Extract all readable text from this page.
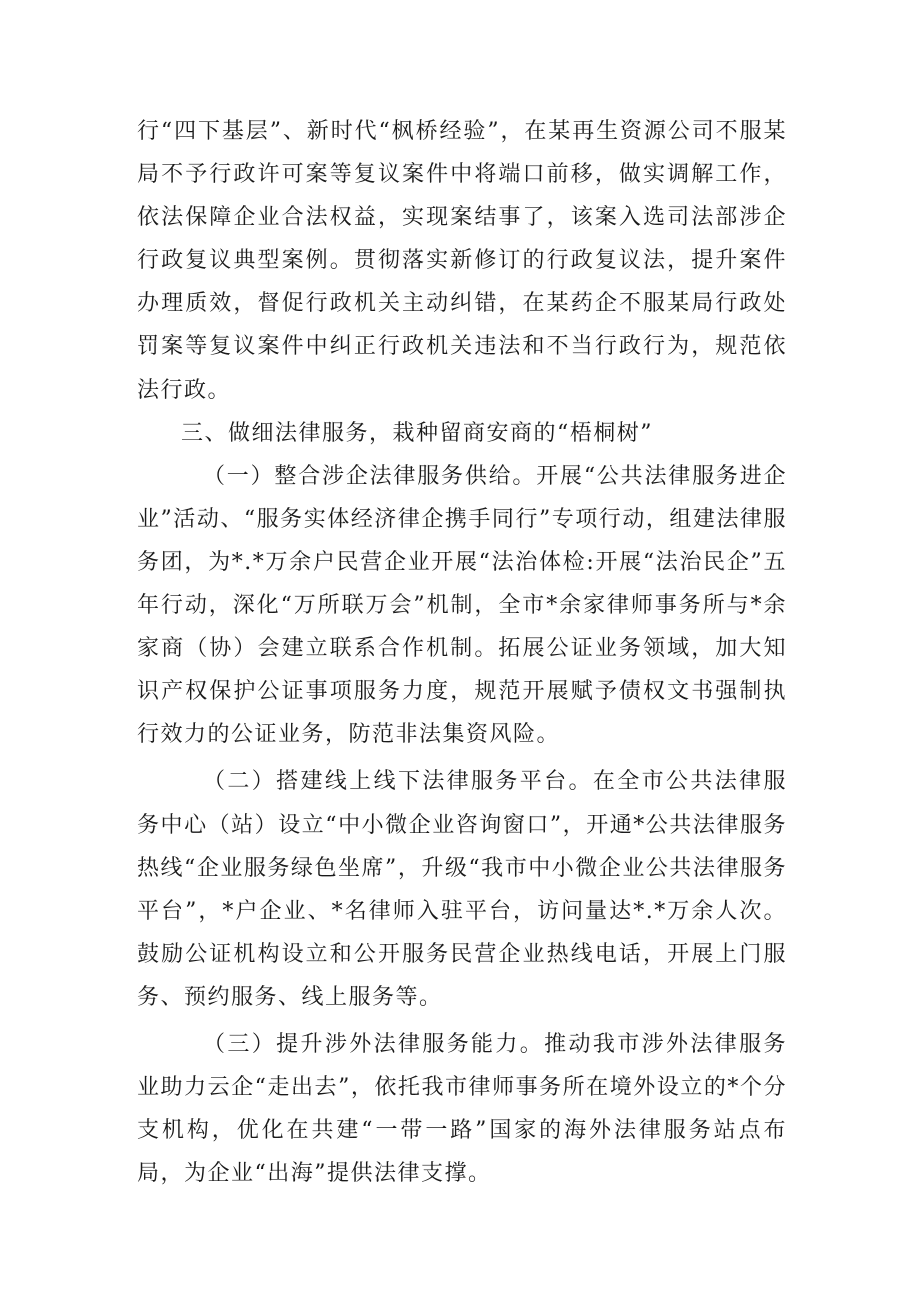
行“四下基层”、新时代“枫桥经验”，在某再生资源公司不服某局不予行政许可案等复议案件中将端口前移，做实调解工作，依法保障企业合法权益，实现案结事了，该案入选司法部涉企行政复议典型案例。贯彻落实新修订的行政复议法，提升案件办理质效，督促行政机关主动纠错，在某药企不服某局行政处罚案等复议案件中纠正行政机关违法和不当行政行为，规范依法行政。

三、做细法律服务，栽种留商安商的“梧桐树”

（一）整合涉企法律服务供给。开展“公共法律服务进企业”活动、“服务实体经济律企携手同行”专项行动，组建法律服务团，为*.*万余户民营企业开展“法治体检:开展“法治民企”五年行动，深化“万所联万会”机制，全市*余家律师事务所与*余家商（协）会建立联系合作机制。拓展公证业务领域，加大知识产权保护公证事项服务力度，规范开展赋予债权文书强制执行效力的公证业务，防范非法集资风险。

（二）搭建线上线下法律服务平台。在全市公共法律服务中心（站）设立“中小微企业咨询窗口”，开通*公共法律服务热线“企业服务绿色坐席”，升级“我市中小微企业公共法律服务平台”，*户企业、*名律师入驻平台，访问量达*.*万余人次。鼓励公证机构设立和公开服务民营企业热线电话，开展上门服务、预约服务、线上服务等。

（三）提升涉外法律服务能力。推动我市涉外法律服务业助力云企“走出去”，依托我市律师事务所在境外设立的*个分支机构，优化在共建“一带一路”国家的海外法律服务站点布局，为企业“出海”提供法律支撑。
